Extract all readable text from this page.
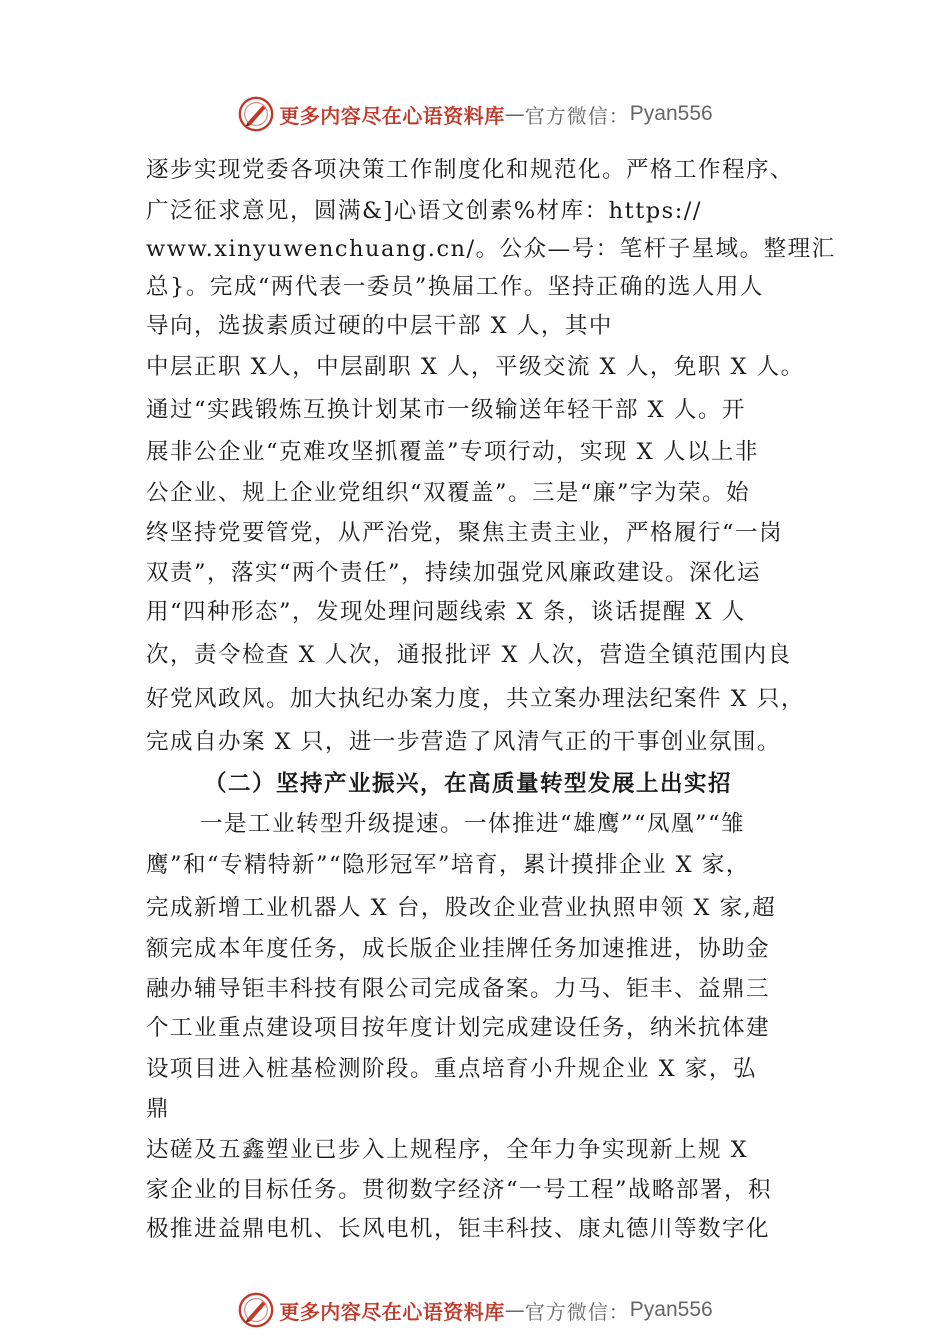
更多内容尽在心语资料库 — 官方微信： Pyan556
逐步实现党委各项决策工作制度化和规范化。严格工作程序、
广泛征求意见，圆满&]心语文创素%材库：https://
www.xinyuwenchuang.cn/。公众—号：笔杆子星域。整理汇
总}。完成“两代表一委员”换届工作。坚持正确的选人用人
导向，选拔素质过硬的中层干部 X 人，其中
中层正职 X人，中层副职 X 人，平级交流 X 人，免职 X 人。
通过“实践锻炼互换计划某市一级输送年轻干部 X 人。开
展非公企业“克难攻坚抓覆盖”专项行动，实现 X 人以上非
公企业、规上企业党组织“双覆盖”。三是“廉”字为荣。始
终坚持党要管党，从严治党，聚焦主责主业，严格履行“一岗
双责”，落实“两个责任”，持续加强党风廉政建设。深化运
用“四种形态”，发现处理问题线索 X 条，谈话提醒 X 人
次，责令检查 X 人次，通报批评 X 人次，营造全镇范围内良
好党风政风。加大执纪办案力度，共立案办理法纪案件 X 只，
完成自办案 X 只，进一步营造了风清气正的干事创业氛围。
（二）坚持产业振兴，在高质量转型发展上出实招
一是工业转型升级提速。一体推进“雄鹰”“凤凰”“雏
鹰”和“专精特新”“隐形冠军”培育，累计摸排企业 X 家，
完成新增工业机器人 X 台，股改企业营业执照申领 X 家,超
额完成本年度任务，成长版企业挂牌任务加速推进，协助金
融办辅导钜丰科技有限公司完成备案。力马、钜丰、益鼎三
个工业重点建设项目按年度计划完成建设任务，纳米抗体建
设项目进入桩基检测阶段。重点培育小升规企业 X 家，弘
鼎
达磋及五鑫塑业已步入上规程序，全年力争实现新上规 X
家企业的目标任务。贯彻数字经济“一号工程”战略部署，积
极推进益鼎电机、长风电机，钜丰科技、康丸德川等数字化
更多内容尽在心语资料库 — 官方微信： Pyan556
